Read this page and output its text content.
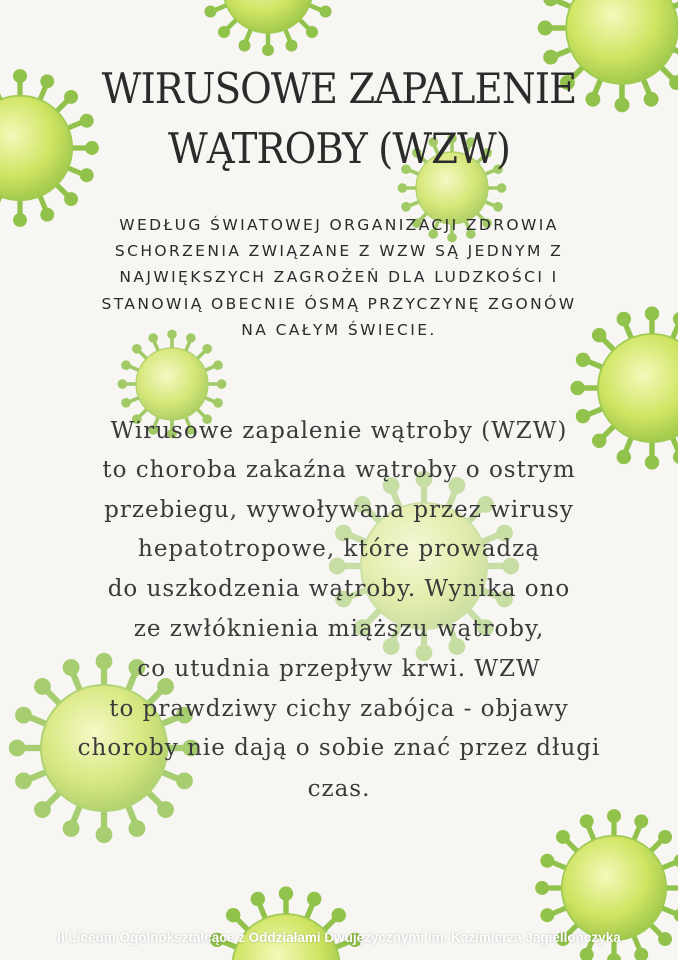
WIRUSOWE ZAPALENIE
WĄTROBY (WZW)
WEDŁUG ŚWIATOWEJ ORGANIZACJI ZDROWIA
SCHORZENIA ZWIĄZANE Z WZW SĄ JEDNYM Z
NAJWIĘKSZYCH ZAGROŻEŃ DLA LUDZKOŚCI I
STANOWIĄ OBECNIE ÓSMĄ PRZYCZYNĘ ZGONÓW
NA CAŁYM ŚWIECIE.
Wirusowe zapalenie wątroby (WZW)
to choroba zakaźna wątroby o ostrym
przebiegu, wywoływana przez wirusy
hepatotropowe, które prowadzą
do uszkodzenia wątroby. Wynika ono
ze zwłóknienia miąższu wątroby,
co utudnia przepływ krwi. WZW
to prawdziwy cichy zabójca - objawy
choroby nie dają o sobie znać przez długi
czas.
II Liceum Ogólnokształcące z Oddziałami Dwujęzycznymi im. Kazimierza Jagiellończyka
